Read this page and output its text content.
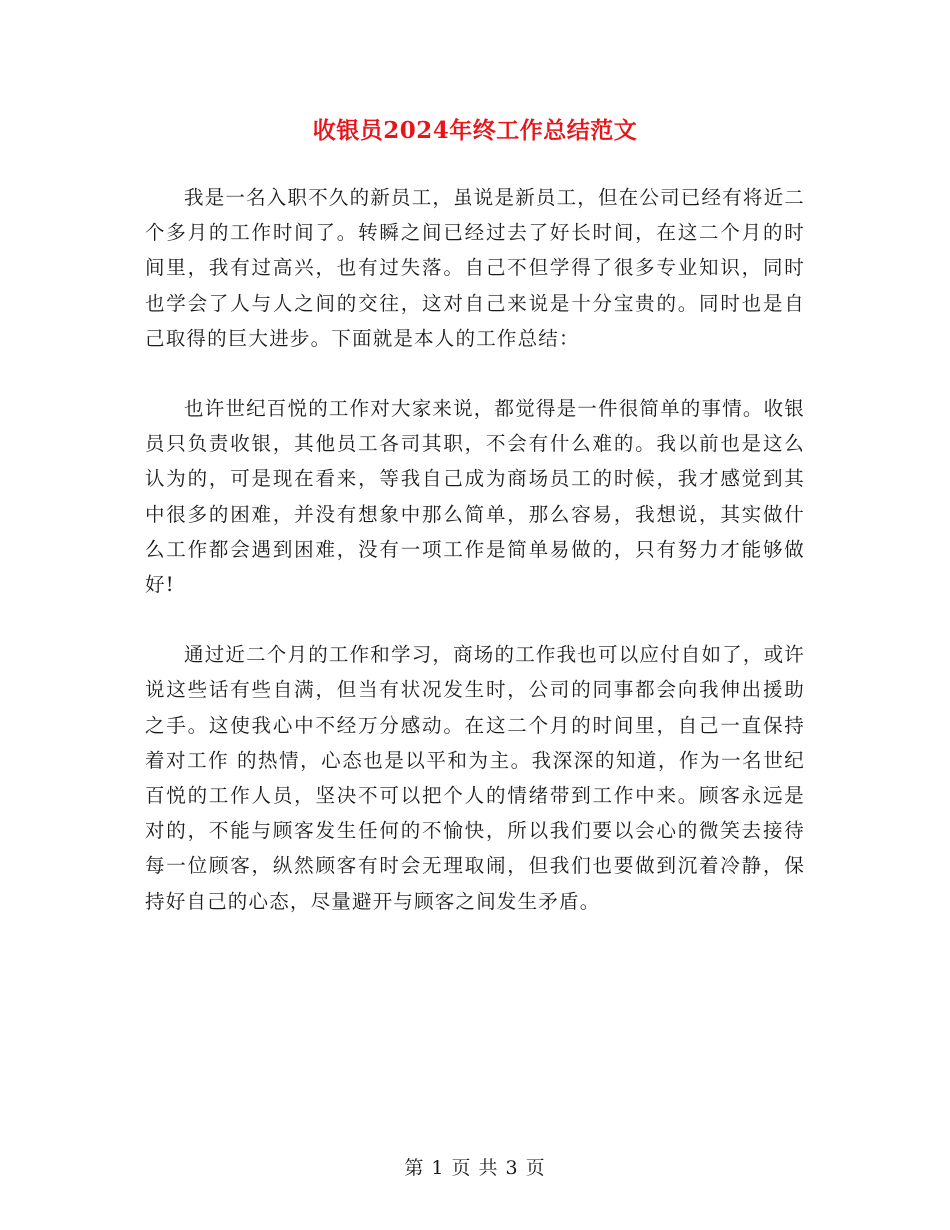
收银员2024年终工作总结范文

我是一名入职不久的新员工，虽说是新员工，但在公司已经有将近二个多月的工作时间了。转瞬之间已经过去了好长时间，在这二个月的时间里，我有过高兴，也有过失落。自己不但学得了很多专业知识，同时也学会了人与人之间的交往，这对自己来说是十分宝贵的。同时也是自己取得的巨大进步。下面就是本人的工作总结：

也许世纪百悦的工作对大家来说，都觉得是一件很简单的事情。收银员只负责收银，其他员工各司其职，不会有什么难的。我以前也是这么认为的，可是现在看来，等我自己成为商场员工的时候，我才感觉到其中很多的困难，并没有想象中那么简单，那么容易，我想说，其实做什么工作都会遇到困难，没有一项工作是简单易做的，只有努力才能够做好!

通过近二个月的工作和学习，商场的工作我也可以应付自如了，或许说这些话有些自满，但当有状况发生时，公司的同事都会向我伸出援助之手。这使我心中不经万分感动。在这二个月的时间里，自己一直保持着对工作 的热情，心态也是以平和为主。我深深的知道，作为一名世纪百悦的工作人员，坚决不可以把个人的情绪带到工作中来。顾客永远是对的，不能与顾客发生任何的不愉快，所以我们要以会心的微笑去接待每一位顾客，纵然顾客有时会无理取闹，但我们也要做到沉着冷静，保持好自己的心态，尽量避开与顾客之间发生矛盾。

第 1 页 共 3 页
